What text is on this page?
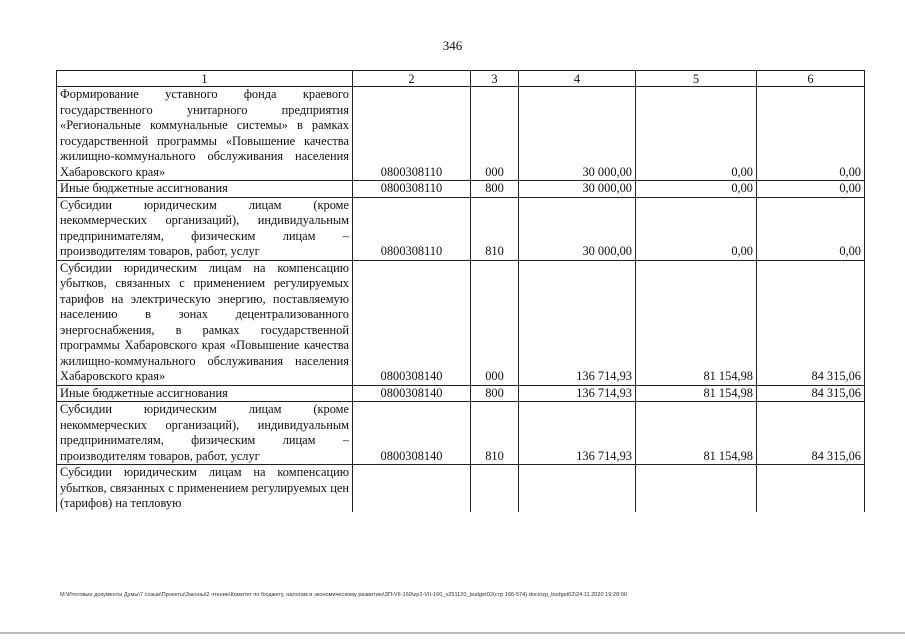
346
1	2	3	4	5	6
Формирование уставного фонда краевого государственного унитарного предприятия «Региональные коммунальные системы» в рамках государственной программы «Повышение качества жилищно-коммунального обслуживания населения Хабаровского края»	0800308110	000	30 000,00	0,00	0,00
Иные бюджетные ассигнования	0800308110	800	30 000,00	0,00	0,00
Субсидии юридическим лицам (кроме некоммерческих организаций), индивидуальным предпринимателям, физическим лицам – производителям товаров, работ, услуг	0800308110	810	30 000,00	0,00	0,00
Субсидии юридическим лицам на компенсацию убытков, связанных с применением регулируемых тарифов на электрическую энергию, поставляемую населению в зонах децентрализованного энергоснабжения, в рамках государственной программы Хабаровского края «Повышение качества жилищно-коммунального обслуживания населения Хабаровского края»	0800308140	000	136 714,93	81 154,98	84 315,06
Иные бюджетные ассигнования	0800308140	800	136 714,93	81 154,98	84 315,06
Субсидии юридическим лицам (кроме некоммерческих организаций), индивидуальным предпринимателям, физическим лицам – производителям товаров, работ, услуг	0800308140	810	136 714,93	81 154,98	84 315,06
Субсидии юридическим лицам на компенсацию убытков, связанных с применением регулируемых цен (тарифов) на тепловую					
M:\Итоговые документы Думы\7 созыв\Проекты\Законы\2 чтение\Комитет по бюджету, налогам и экономическому развитию\ЗП-VII-160\zp2-VII-160_v251120_budget02(стр 166-574).docx\zp_budget02\24.11.2020 19:28:00
